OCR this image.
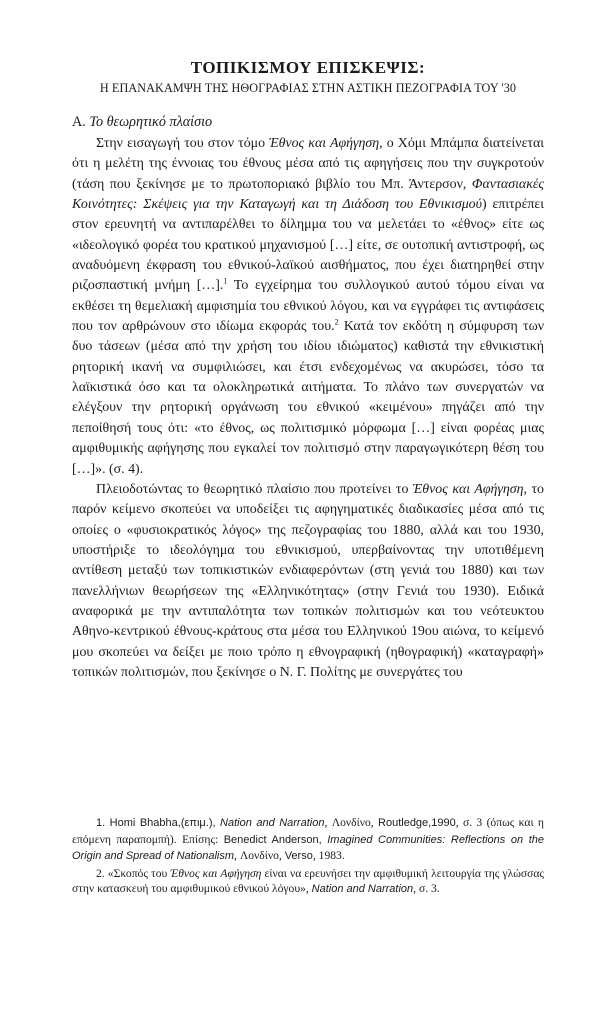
ΤΟΠΙΚΙΣΜΟΥ ΕΠΙΣΚΕΨΙΣ:
Η ΕΠΑΝΑΚΑΜΨΗ ΤΗΣ ΗΘΟΓΡΑΦΙΑΣ ΣΤΗΝ ΑΣΤΙΚΗ ΠΕΖΟΓΡΑΦΙΑ ΤΟΥ '30
Α. Το θεωρητικό πλαίσιο

Στην εισαγωγή του στον τόμο Έθνος και Αφήγηση, ο Χόμι Μπάμπα διατείνεται ότι η μελέτη της έννοιας του έθνους μέσα από τις αφηγήσεις που την συγκροτούν (τάση που ξεκίνησε με το πρωτοποριακό βιβλίο του Μπ. Άντερσον, Φαντασιακές Κοινότητες: Σκέψεις για την Καταγωγή και τη Διάδοση του Εθνικισμού) επιτρέπει στον ερευνητή να αντιπαρέλθει το δίλημμα του να μελετάει το «έθνος» είτε ως «ιδεολογικό φορέα του κρατικού μηχανισμού […] είτε, σε ουτοπική αντιστροφή, ως αναδυόμενη έκφραση του εθνικού-λαϊκού αισθήματος, που έχει διατηρηθεί στην ριζοσπαστική μνήμη […].$^1$ Το εγχείρημα του συλλογικού αυτού τόμου είναι να εκθέσει τη θεμελιακή αμφισημία του εθνικού λόγου, και να εγγράφει τις αντιφάσεις που τον αρθρώνουν στο ιδίωμα εκφοράς του.$^2$ Κατά τον εκδότη η σύμφυρση των δυο τάσεων (μέσα από την χρήση του ιδίου ιδιώματος) καθιστά την εθνικιστική ρητορική ικανή να συμφιλιώσει, και έτσι ενδεχομένως να ακυρώσει, τόσο τα λαϊκιστικά όσο και τα ολοκληρωτικά αιτήματα. Το πλάνο των συνεργατών να ελέγξουν την ρητορική οργάνωση του εθνικού «κειμένου» πηγάζει από την πεποίθησή τους ότι: «το έθνος, ως πολιτισμικό μόρφωμα […] είναι φορέας μιας αμφιθυμικής αφήγησης που εγκαλεί τον πολιτισμό στην παραγωγικότερη θέση του […]». (σ. 4).

Πλειοδοτώντας το θεωρητικό πλαίσιο που προτείνει το Έθνος και Αφήγηση, το παρόν κείμενο σκοπεύει να υποδείξει τις αφηγηματικές διαδικασίες μέσα από τις οποίες ο «φυσιοκρατικός λόγος» της πεζογραφίας του 1880, αλλά και του 1930, υποστήριξε το ιδεολόγημα του εθνικισμού, υπερβαίνοντας την υποτιθέμενη αντίθεση μεταξύ των τοπικιστικών ενδιαφερόντων (στη γενιά του 1880) και των πανελλήνιων θεωρήσεων της «Ελληνικότητας» (στην Γενιά του 1930). Ειδικά αναφορικά με την αντιπαλότητα των τοπικών πολιτισμών και του νεότευκτου Αθηνο-κεντρικού έθνους-κράτους στα μέσα του Ελληνικού 19ου αιώνα, το κείμενό μου σκοπεύει να δείξει με ποιο τρόπο η εθνογραφική (ηθογραφική) «καταγραφή» τοπικών πολιτισμών, που ξεκίνησε ο Ν. Γ. Πολίτης με συνεργάτες του

1. Homi Bhabha,(επιμ.), Nation and Narration, Λονδίνο, Routledge,1990, σ. 3 (όπως και η επόμενη παραπομπή). Επίσης: Benedict Anderson, Imagined Communities: Reflections on the Origin and Spread of Nationalism, Λονδίνο, Verso, 1983.

2. «Σκοπός του Έθνος και Αφήγηση είναι να ερευνήσει την αμφιθυμική λειτουργία της γλώσσας στην κατασκευή του αμφιθυμικού εθνικού λόγου», Nation and Narration, σ. 3.
